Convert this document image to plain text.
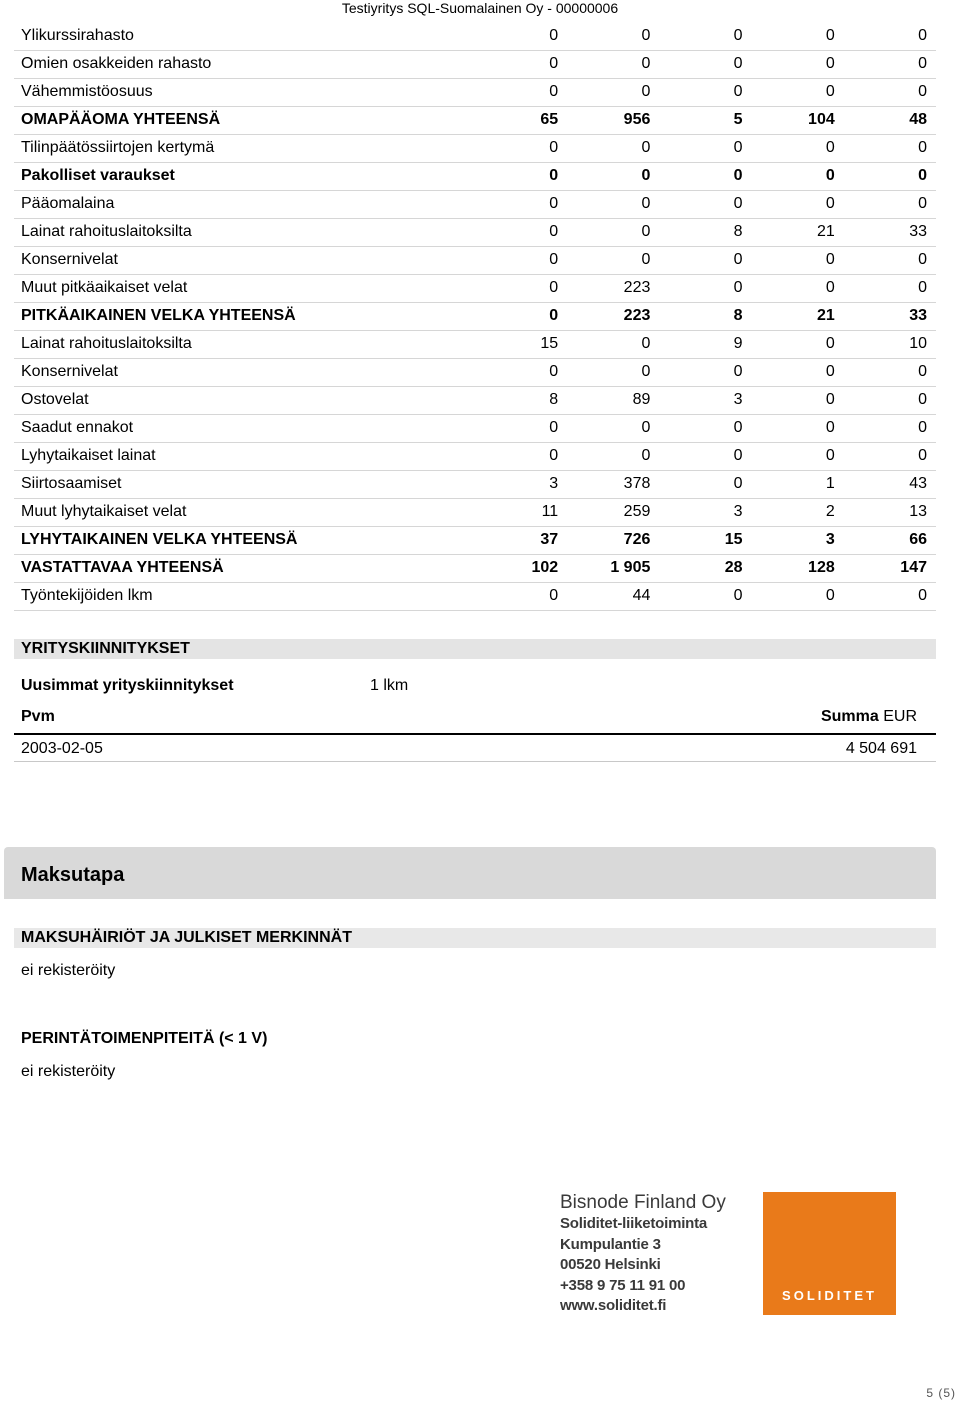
Testiyritys SQL-Suomalainen Oy - 00000006
Ylikurssirahasto	0	0	0	0	0
Omien osakkeiden rahasto	0	0	0	0	0
Vähemmistöosuus	0	0	0	0	0
OMAPÄÄOMA YHTEENSÄ	65	956	5	104	48
Tilinpäätössiirtojen kertymä	0	0	0	0	0
Pakolliset varaukset	0	0	0	0	0
Pääomalaina	0	0	0	0	0
Lainat rahoituslaitoksilta	0	0	8	21	33
Konsernivelat	0	0	0	0	0
Muut pitkäaikaiset velat	0	223	0	0	0
PITKÄAIKAINEN VELKA YHTEENSÄ	0	223	8	21	33
Lainat rahoituslaitoksilta	15	0	9	0	10
Konsernivelat	0	0	0	0	0
Ostovelat	8	89	3	0	0
Saadut ennakot	0	0	0	0	0
Lyhytaikaiset lainat	0	0	0	0	0
Siirtosaamiset	3	378	0	1	43
Muut lyhytaikaiset velat	11	259	3	2	13
LYHYTAIKAINEN VELKA YHTEENSÄ	37	726	15	3	66
VASTATTAVAA YHTEENSÄ	102	1 905	28	128	147
Työntekijöiden lkm	0	44	0	0	0
YRITYSKIINNITYKSET
Uusimmat yrityskiinnitykset	1 lkm
Pvm	Summa EUR
2003-02-05	4 504 691
Maksutapa
MAKSUHÄIRIÖT JA JULKISET MERKINNÄT
ei rekisteröity
PERINTÄTOIMENPITEITÄ (< 1 V)
ei rekisteröity
Bisnode Finland Oy
Soliditet-liiketoiminta
Kumpulantie 3
00520 Helsinki
+358 9 75 11 91 00
www.soliditet.fi
SOLIDITET
5 (5)
